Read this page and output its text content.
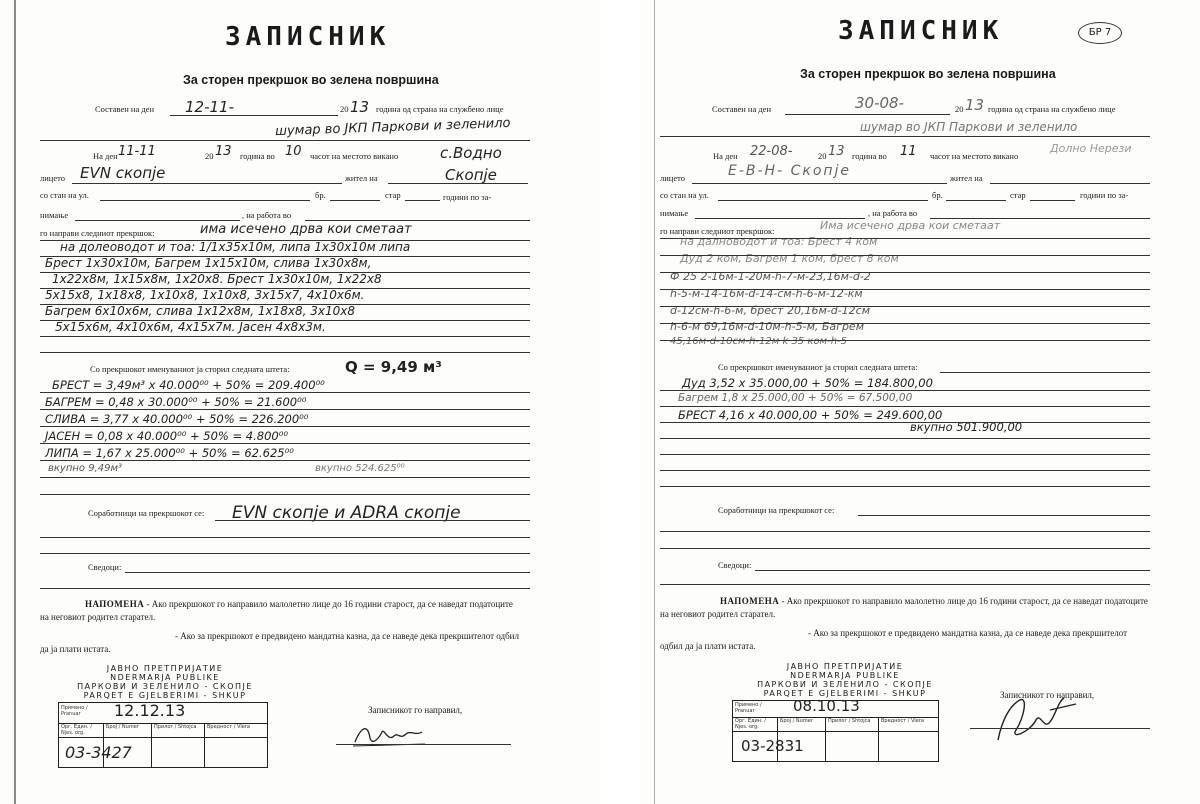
ЗАПИСНИК
За сторен прекршок во зелена површина
Составен на ден 12-11-	20 13 година од страна на службено лице
шумар во ЈКП Паркови и зеленило
На ден 11-11	20 13 година во 10 часот на местото викано	с.Водно
лицето EVN скопје	жител на	Скопје
со стан на ул.	бр.	стар	години по за-
нимање	, на работа во
го направи следниот прекршок:	има исечено дрва кои сметаат
на долеоводот и тоа: 1/1x35x10м, липа 1x30x10м липа
Брест 1x30x10м, Багрем 1x15x10м, слива 1x30x8м,
1x22x8м, 1x15x8м, 1x20x8. Брест 1x30x10м, 1x22x8
5x15x8, 1x18x8, 1x10x8, 1x10x8, 3x15x7, 4x10x6м.
Багрем 6x10x6м, слива 1x12x8м, 1x18x8, 3x10x8
5x15x6м, 4x10x6м, 4x15x7м. Јасен 4x8x3м.
Со прекршокот именуваниот ја сторил следната штета:	Q = 9,49 м³
БРЕСТ = 3,49м³ x 40.000⁰⁰ + 50% = 209.400⁰⁰
БАГРЕМ = 0,48 x 30.000⁰⁰ + 50% = 21.600⁰⁰
СЛИВА = 3,77 x 40.000⁰⁰ + 50% = 226.200⁰⁰
ЈАСЕН = 0,08 x 40.000⁰⁰ + 50% = 4.800⁰⁰
ЛИПА = 1,67 x 25.000⁰⁰ + 50% = 62.625⁰⁰
вкупно 9,49м³	вкупно 524.625⁰⁰
Соработници на прекршокот се: EVN скопје и ADRA скопје
Сведоци:
НАПОМЕНА - Ако прекршокот го направило малолетно лице до 16 години старост, да се наведат податоците на неговиот родител старател.
- Ако за прекршокот е предвидено мандатна казна, да се наведе дека прекршителот одбил да ја плати истата.
ЈАВНО ПРЕТПРИЈАТИЕ
NDERMARJA PUBLIKE
ПАРКОВИ И ЗЕЛЕНИЛО - СКОПЈЕ
PARQET E GJELBERIMI - SHKUP
Примено / Pranuar	12.12.13
Орг. Един. / Njes. org.
Број / Numer	Прилог / Shtojca	Вредност / Vlera
03-3427
Записникот го направил,
БР 7
ЗАПИСНИК
За сторен прекршок во зелена површина
Составен на ден	30-08-	20 13 година од страна на службено лице
шумар во ЈКП Паркови и зеленило
На ден 22-08-	20 13 година во 11 часот на местото викано
Долно Нерези
лицето	Е-В-Н- Скопје	жител на
со стан на ул.	бр.	стар	години по за-
нимање	, на работа во
го направи следниот прекршок:	Има исечено дрва кои сметаат
на далноводот и тоа: Брест 4 ком
Дуд 2 ком, Багрем 1 ком, брест 8 ком
Ф 25 2-16м-1-20м-h-7-м-23,16м-d-2
h-5-м-14-16м-d-14-см-h-6-м-12-км
d-12см-h-6-м, брест 20,16м-d-12см
h-6-м 69,16м-d-10м-h-5-м, Багрем
45,16м-d-10см-h-12м k 35 ком-h-5
Со прекршокот именуваниот ја сторил следната штета:
Дуд 3,52 x 35.000,00 + 50% = 184.800,00
Багрем 1,8 x 25.000,00 + 50% = 67.500,00
БРЕСТ 4,16 x 40.000,00 + 50% = 249.600,00
вкупно 501.900,00
Соработници на прекршокот се:
Сведоци:
НАПОМЕНА - Ако прекршокот го направило малолетно лице до 16 години старост, да се наведат податоците на неговиот родител старател.
- Ако за прекршокот е предвидено мандатна казна, да се наведе дека прекршителот одбил да ја плати истата.
ЈАВНО ПРЕТПРИЈАТИЕ
NDERMARJA PUBLIKE
ПАРКОВИ И ЗЕЛЕНИЛО - СКОПЈЕ
PARQET E GJELBERIMI - SHKUP
Примено / Pranuar	08.10.13
Орг. Един. / Njes. org.
Број / Numer	Прилог / Shtojca	Вредност / Vlera
03-2831
Записникот го направил,
